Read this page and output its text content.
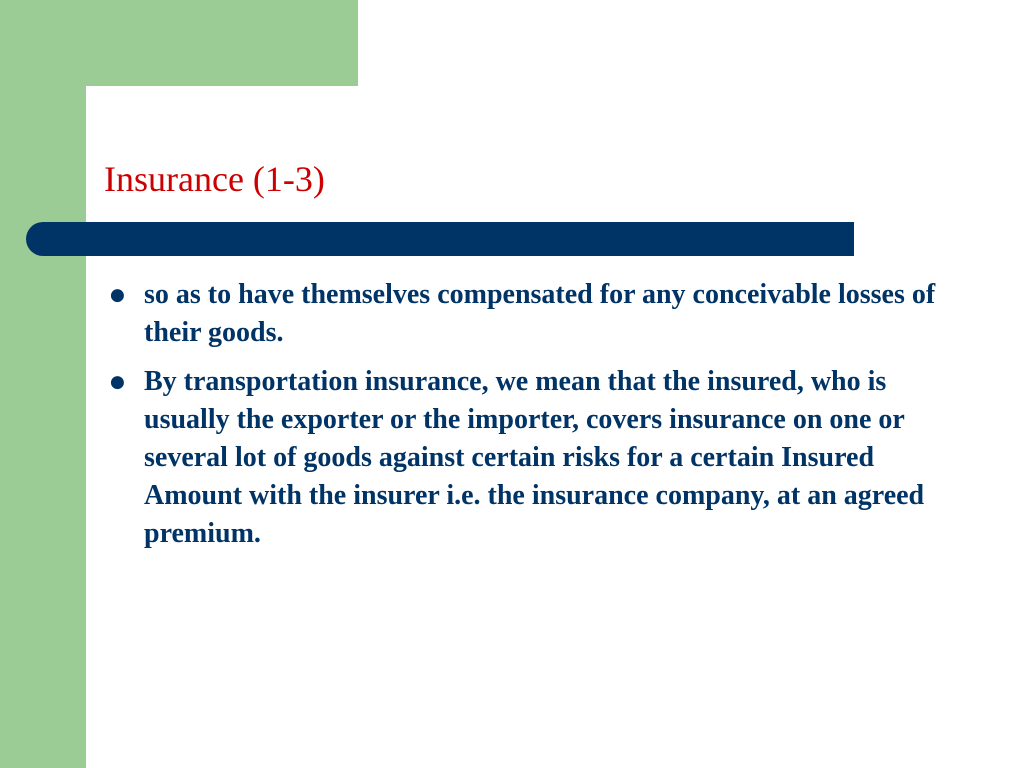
Insurance (1-3)
● so as to have themselves compensated for any conceivable losses of their goods.
● By transportation insurance, we mean that the insured, who is usually the exporter or the importer, covers insurance on one or several lot of goods against certain risks for a certain Insured Amount with the insurer i.e. the insurance company, at an agreed premium.
